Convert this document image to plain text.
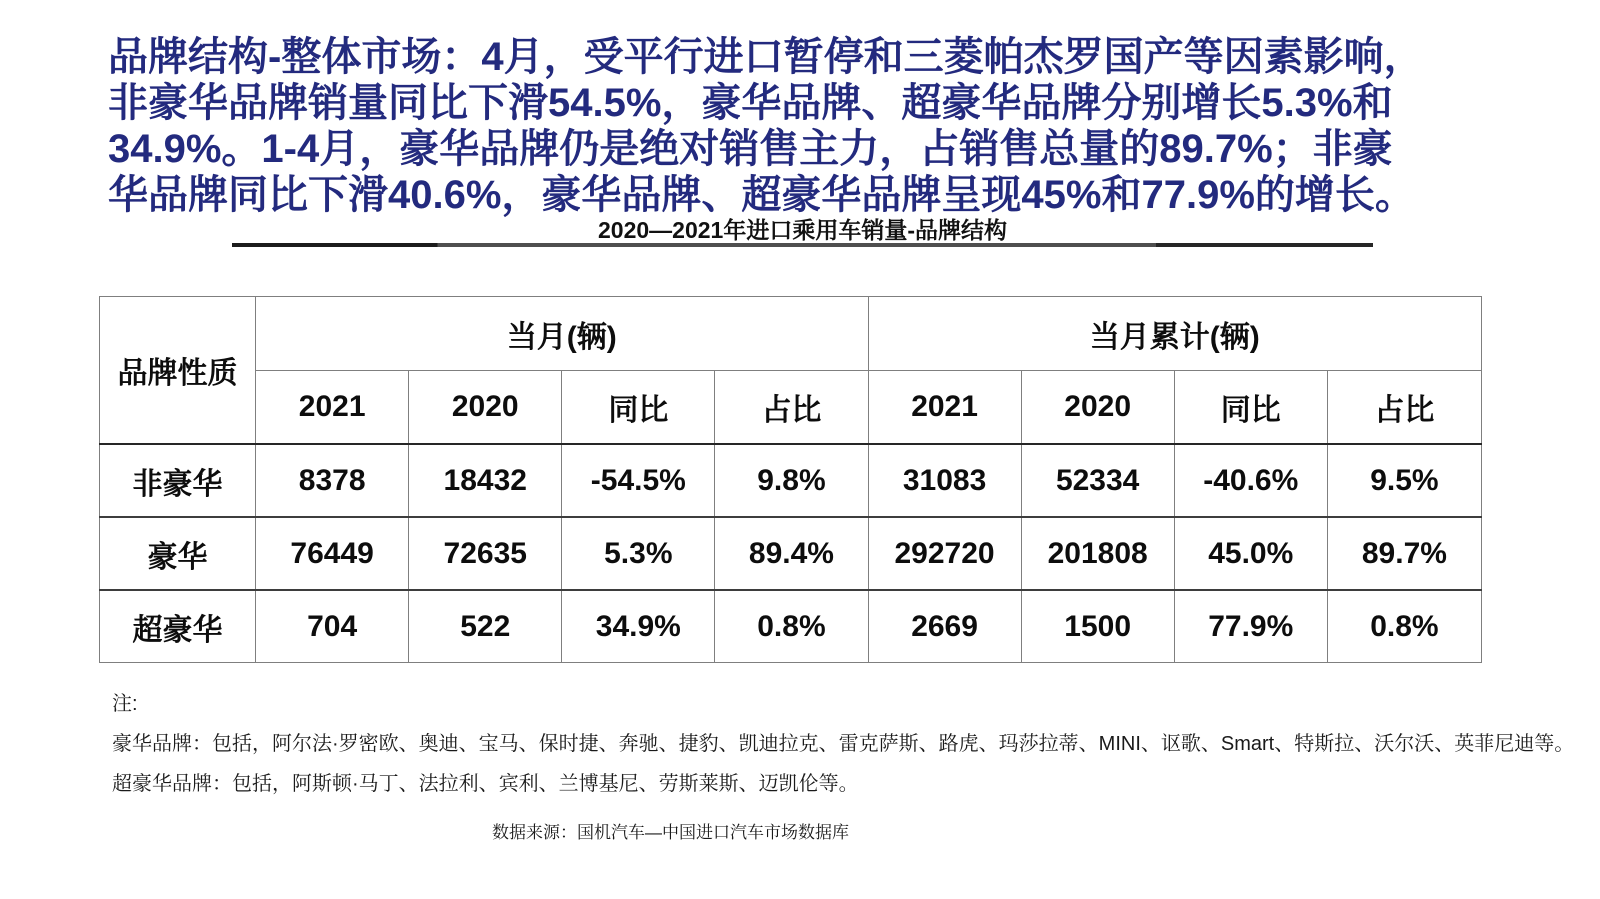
品牌结构-整体市场：4月，受平行进口暂停和三菱帕杰罗国产等因素影响，
非豪华品牌销量同比下滑54.5%，豪华品牌、超豪华品牌分别增长5.3%和
34.9%。1-4月，豪华品牌仍是绝对销售主力，占销售总量的89.7%；非豪
华品牌同比下滑40.6%，豪华品牌、超豪华品牌呈现45%和77.9%的增长。
2020—2021年进口乘用车销量-品牌结构
品牌性质	当月(辆)				当月累计(辆)			
	2021	2020	同比	占比	2021	2020	同比	占比
非豪华	8378	18432	-54.5%	9.8%	31083	52334	-40.6%	9.5%
豪华	76449	72635	5.3%	89.4%	292720	201808	45.0%	89.7%
超豪华	704	522	34.9%	0.8%	2669	1500	77.9%	0.8%
注:
豪华品牌：包括，阿尔法·罗密欧、奥迪、宝马、保时捷、奔驰、捷豹、凯迪拉克、雷克萨斯、路虎、玛莎拉蒂、MINI、讴歌、Smart、特斯拉、沃尔沃、英菲尼迪等。
超豪华品牌：包括，阿斯顿·马丁、法拉利、宾利、兰博基尼、劳斯莱斯、迈凯伦等。
数据来源：国机汽车—中国进口汽车市场数据库
